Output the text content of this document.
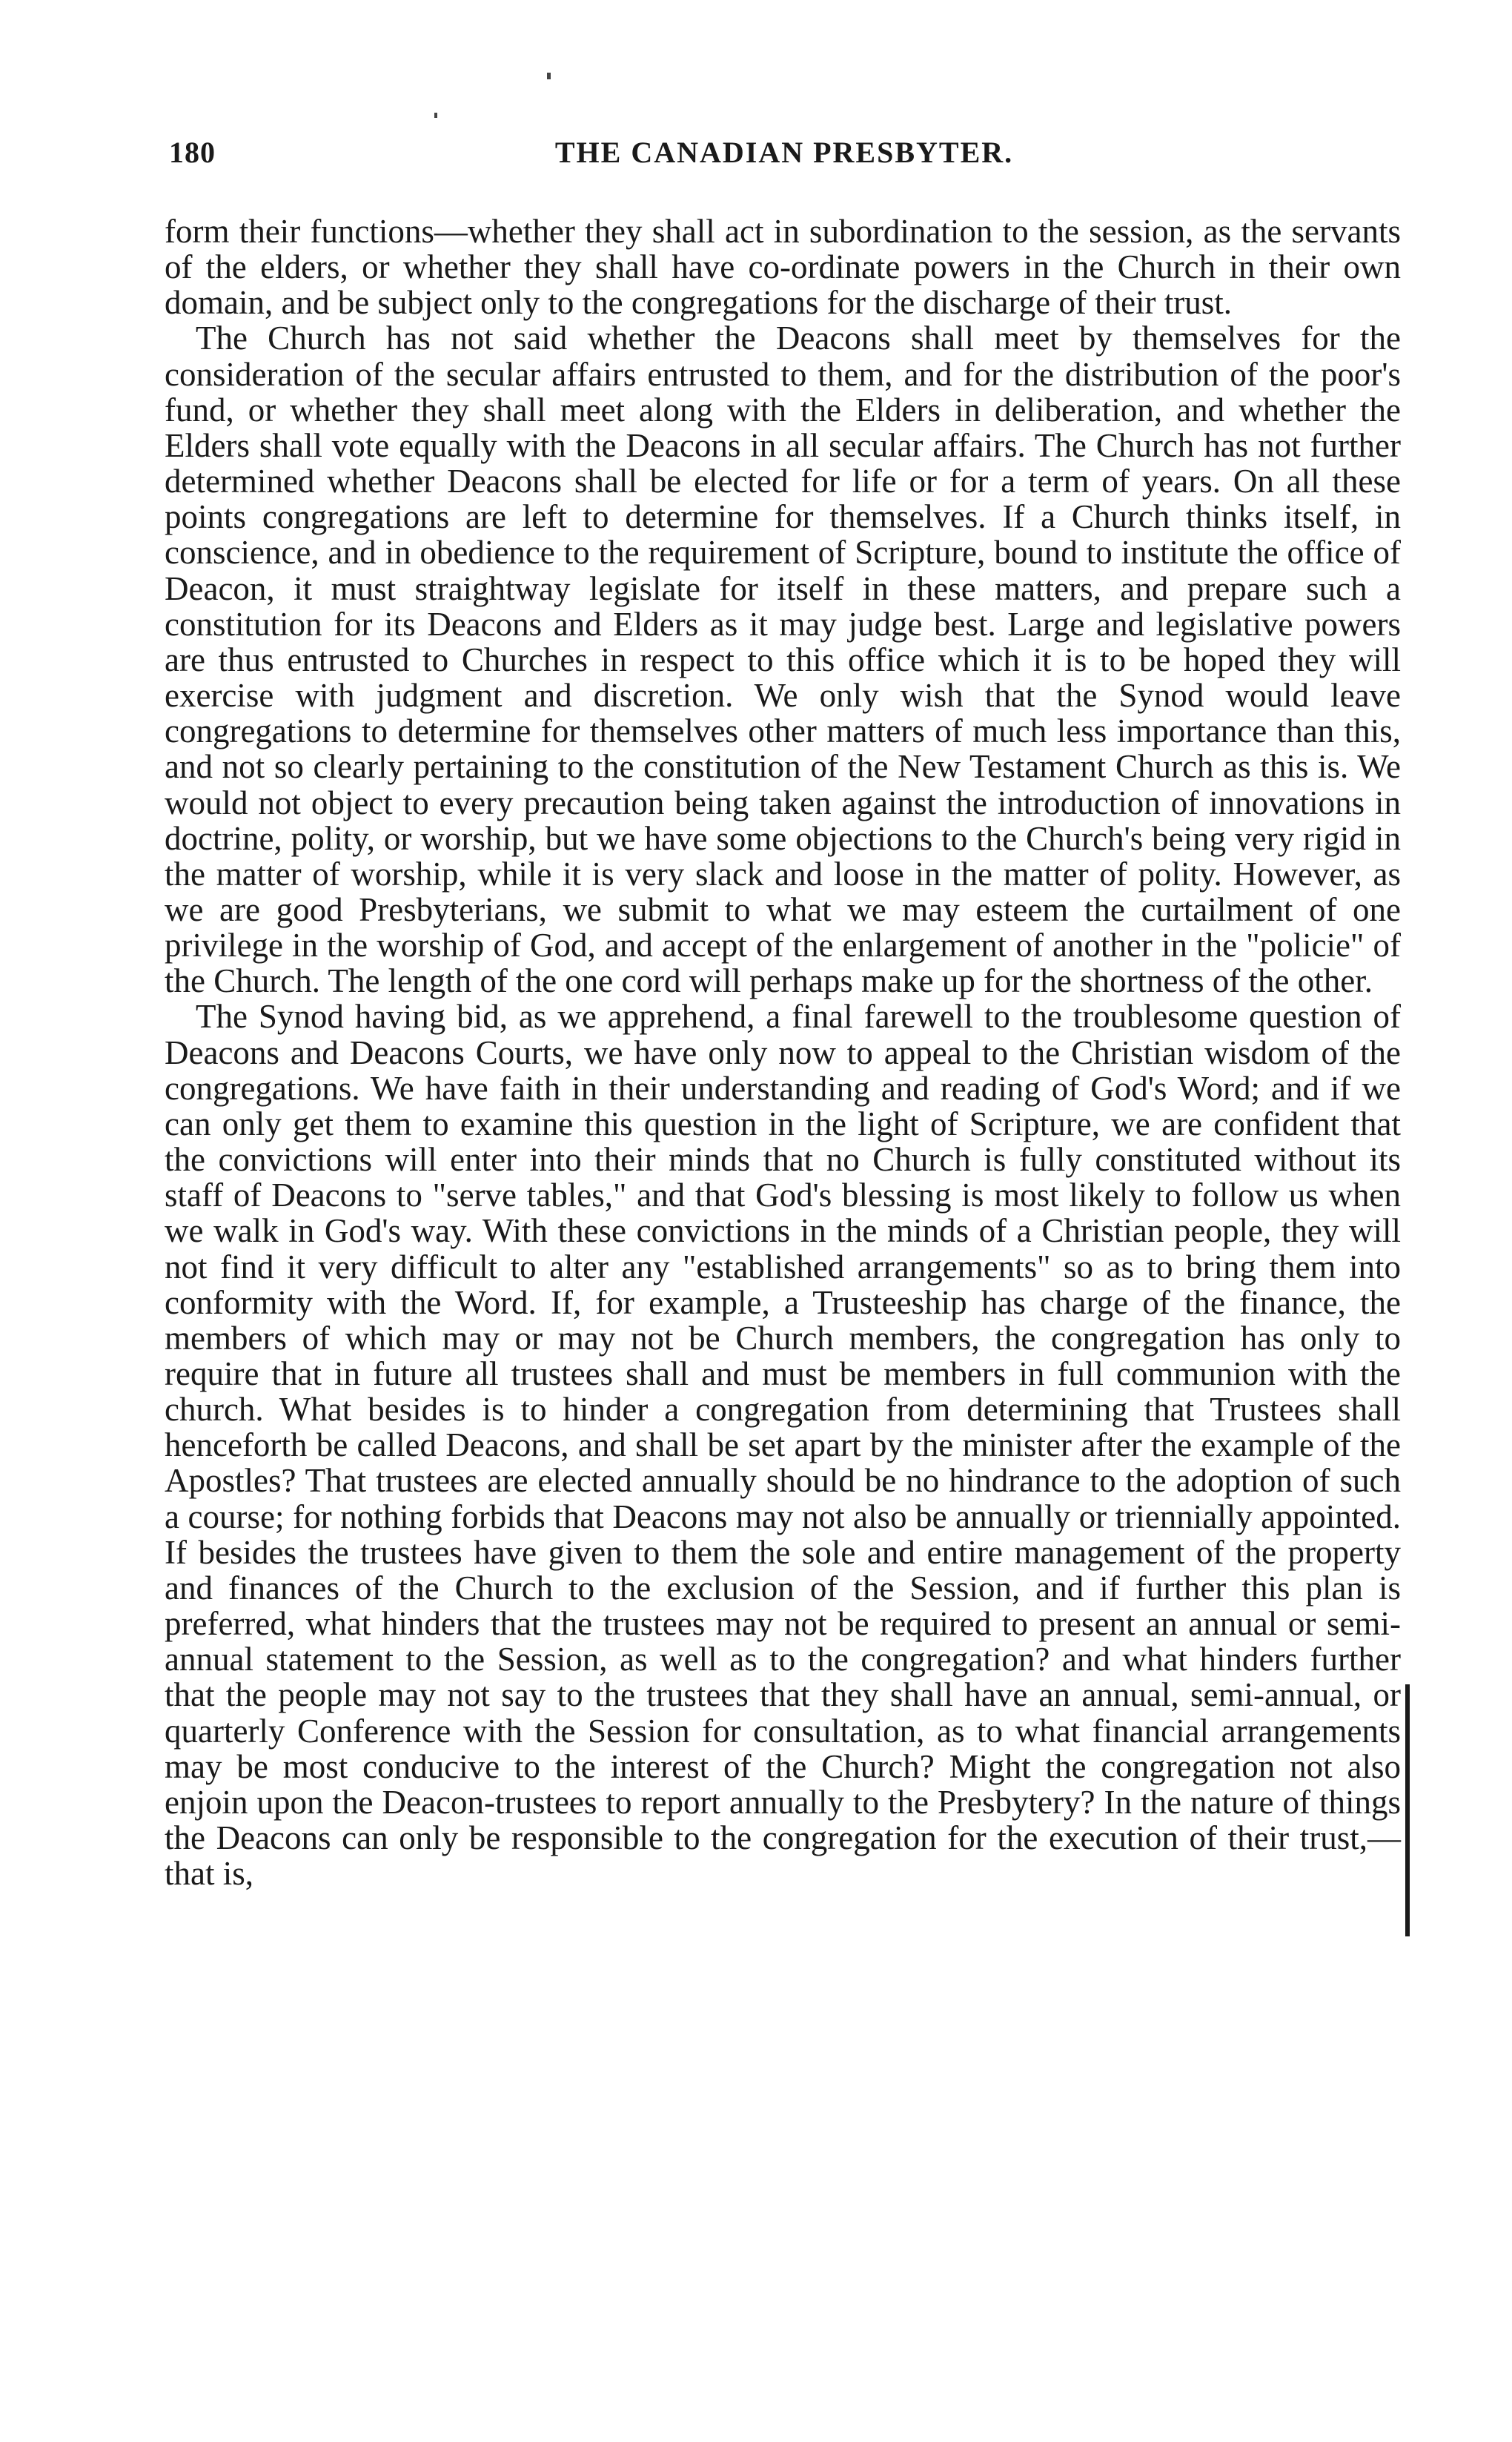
180	THE CANADIAN PRESBYTER.

form their functions—whether they shall act in subordination to the session, as the servants of the elders, or whether they shall have co-ordinate powers in the Church in their own domain, and be subject only to the congregations for the discharge of their trust.

The Church has not said whether the Deacons shall meet by themselves for the consideration of the secular affairs entrusted to them, and for the distribution of the poor's fund, or whether they shall meet along with the Elders in deliberation, and whether the Elders shall vote equally with the Deacons in all secular affairs. The Church has not further determined whether Deacons shall be elected for life or for a term of years. On all these points congregations are left to determine for themselves. If a Church thinks itself, in conscience, and in obedience to the requirement of Scripture, bound to institute the office of Deacon, it must straightway legislate for itself in these matters, and prepare such a constitution for its Deacons and Elders as it may judge best. Large and legislative powers are thus entrusted to Churches in respect to this office which it is to be hoped they will exercise with judgment and discretion. We only wish that the Synod would leave congregations to determine for themselves other matters of much less importance than this, and not so clearly pertaining to the constitution of the New Testament Church as this is. We would not object to every precaution being taken against the introduction of innovations in doctrine, polity, or worship, but we have some objections to the Church's being very rigid in the matter of worship, while it is very slack and loose in the matter of polity. However, as we are good Presbyterians, we submit to what we may esteem the curtailment of one privilege in the worship of God, and accept of the enlargement of another in the "policie" of the Church. The length of the one cord will perhaps make up for the shortness of the other.

The Synod having bid, as we apprehend, a final farewell to the troublesome question of Deacons and Deacons Courts, we have only now to appeal to the Christian wisdom of the congregations. We have faith in their understanding and reading of God's Word; and if we can only get them to examine this question in the light of Scripture, we are confident that the convictions will enter into their minds that no Church is fully constituted without its staff of Deacons to "serve tables," and that God's blessing is most likely to follow us when we walk in God's way. With these convictions in the minds of a Christian people, they will not find it very difficult to alter any "established arrangements" so as to bring them into conformity with the Word. If, for example, a Trusteeship has charge of the finance, the members of which may or may not be Church members, the congregation has only to require that in future all trustees shall and must be members in full communion with the church. What besides is to hinder a congregation from determining that Trustees shall henceforth be called Deacons, and shall be set apart by the minister after the example of the Apostles? That trustees are elected annually should be no hindrance to the adoption of such a course; for nothing forbids that Deacons may not also be annually or triennially appointed. If besides the trustees have given to them the sole and entire management of the property and finances of the Church to the exclusion of the Session, and if further this plan is preferred, what hinders that the trustees may not be required to present an annual or semi-annual statement to the Session, as well as to the congregation? and what hinders further that the people may not say to the trustees that they shall have an annual, semi-annual, or quarterly Conference with the Session for consultation, as to what financial arrangements may be most conducive to the interest of the Church? Might the congregation not also enjoin upon the Deacon-trustees to report annually to the Presbytery? In the nature of things the Deacons can only be responsible to the congregation for the execution of their trust,—that is,
